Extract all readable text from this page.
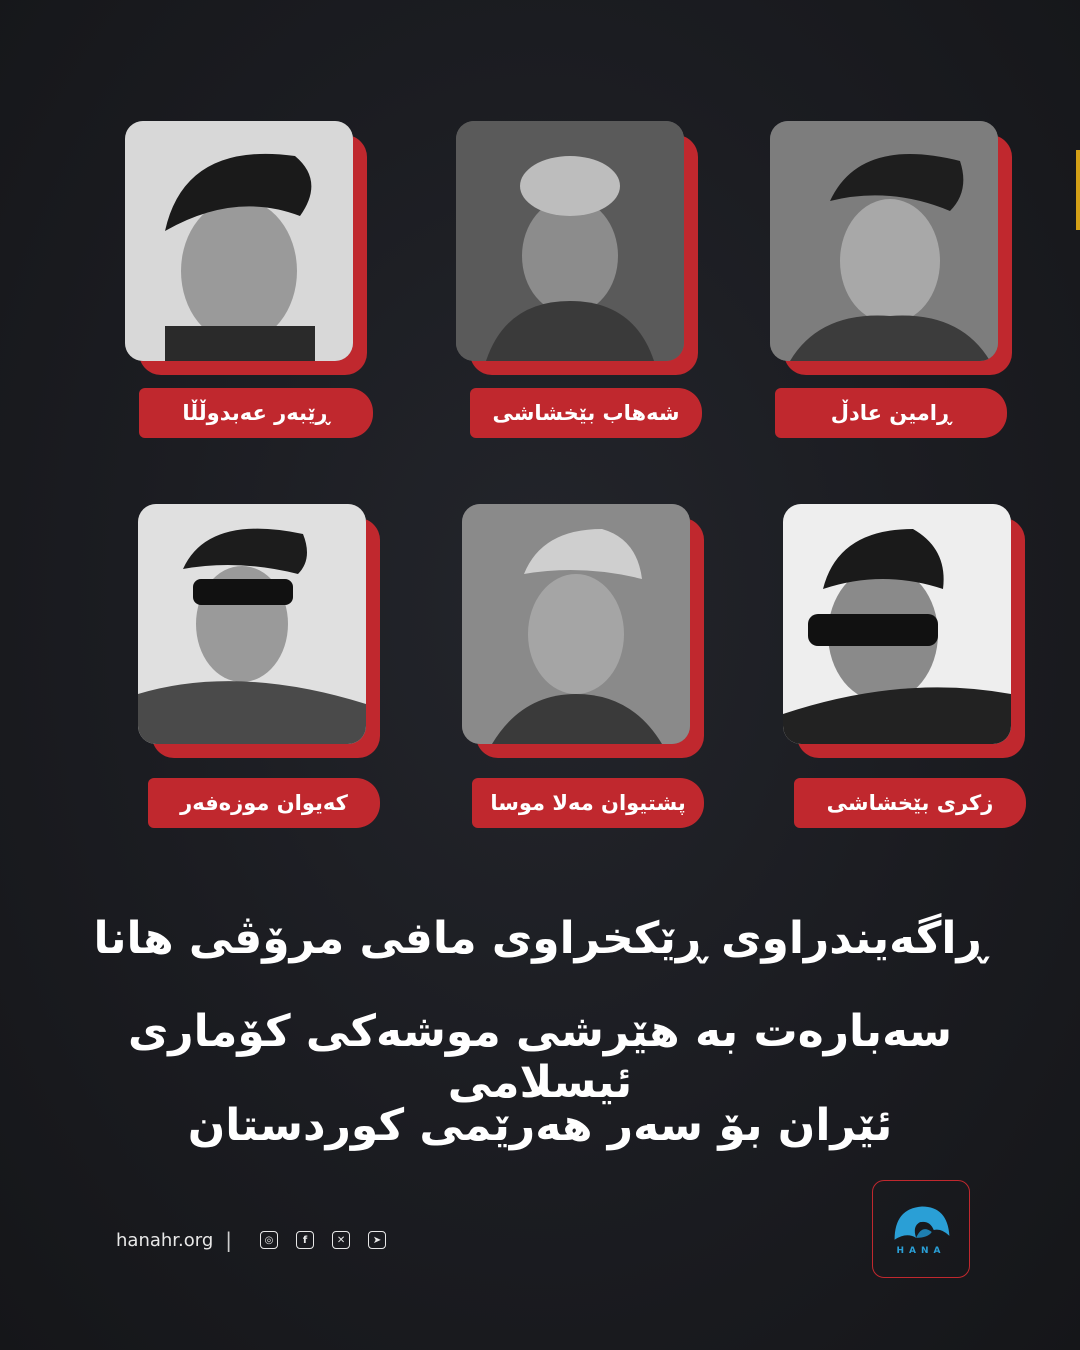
ڕێبەر عەبدوڵڵا	شەهاب بێخشاشی	ڕامین عادڵ
کەیوان موزەفەر	پشتیوان مەلا موسا	زکری بێخشاشی
ڕاگەیندراوی ڕێکخراوی مافی مرۆڤی هانا
سەبارەت بە هێرشی موشەکی کۆماری ئیسلامی
ئێران بۆ سەر هەرێمی کوردستان
hanahr.org |	◎	f	✕	➤
HANA
